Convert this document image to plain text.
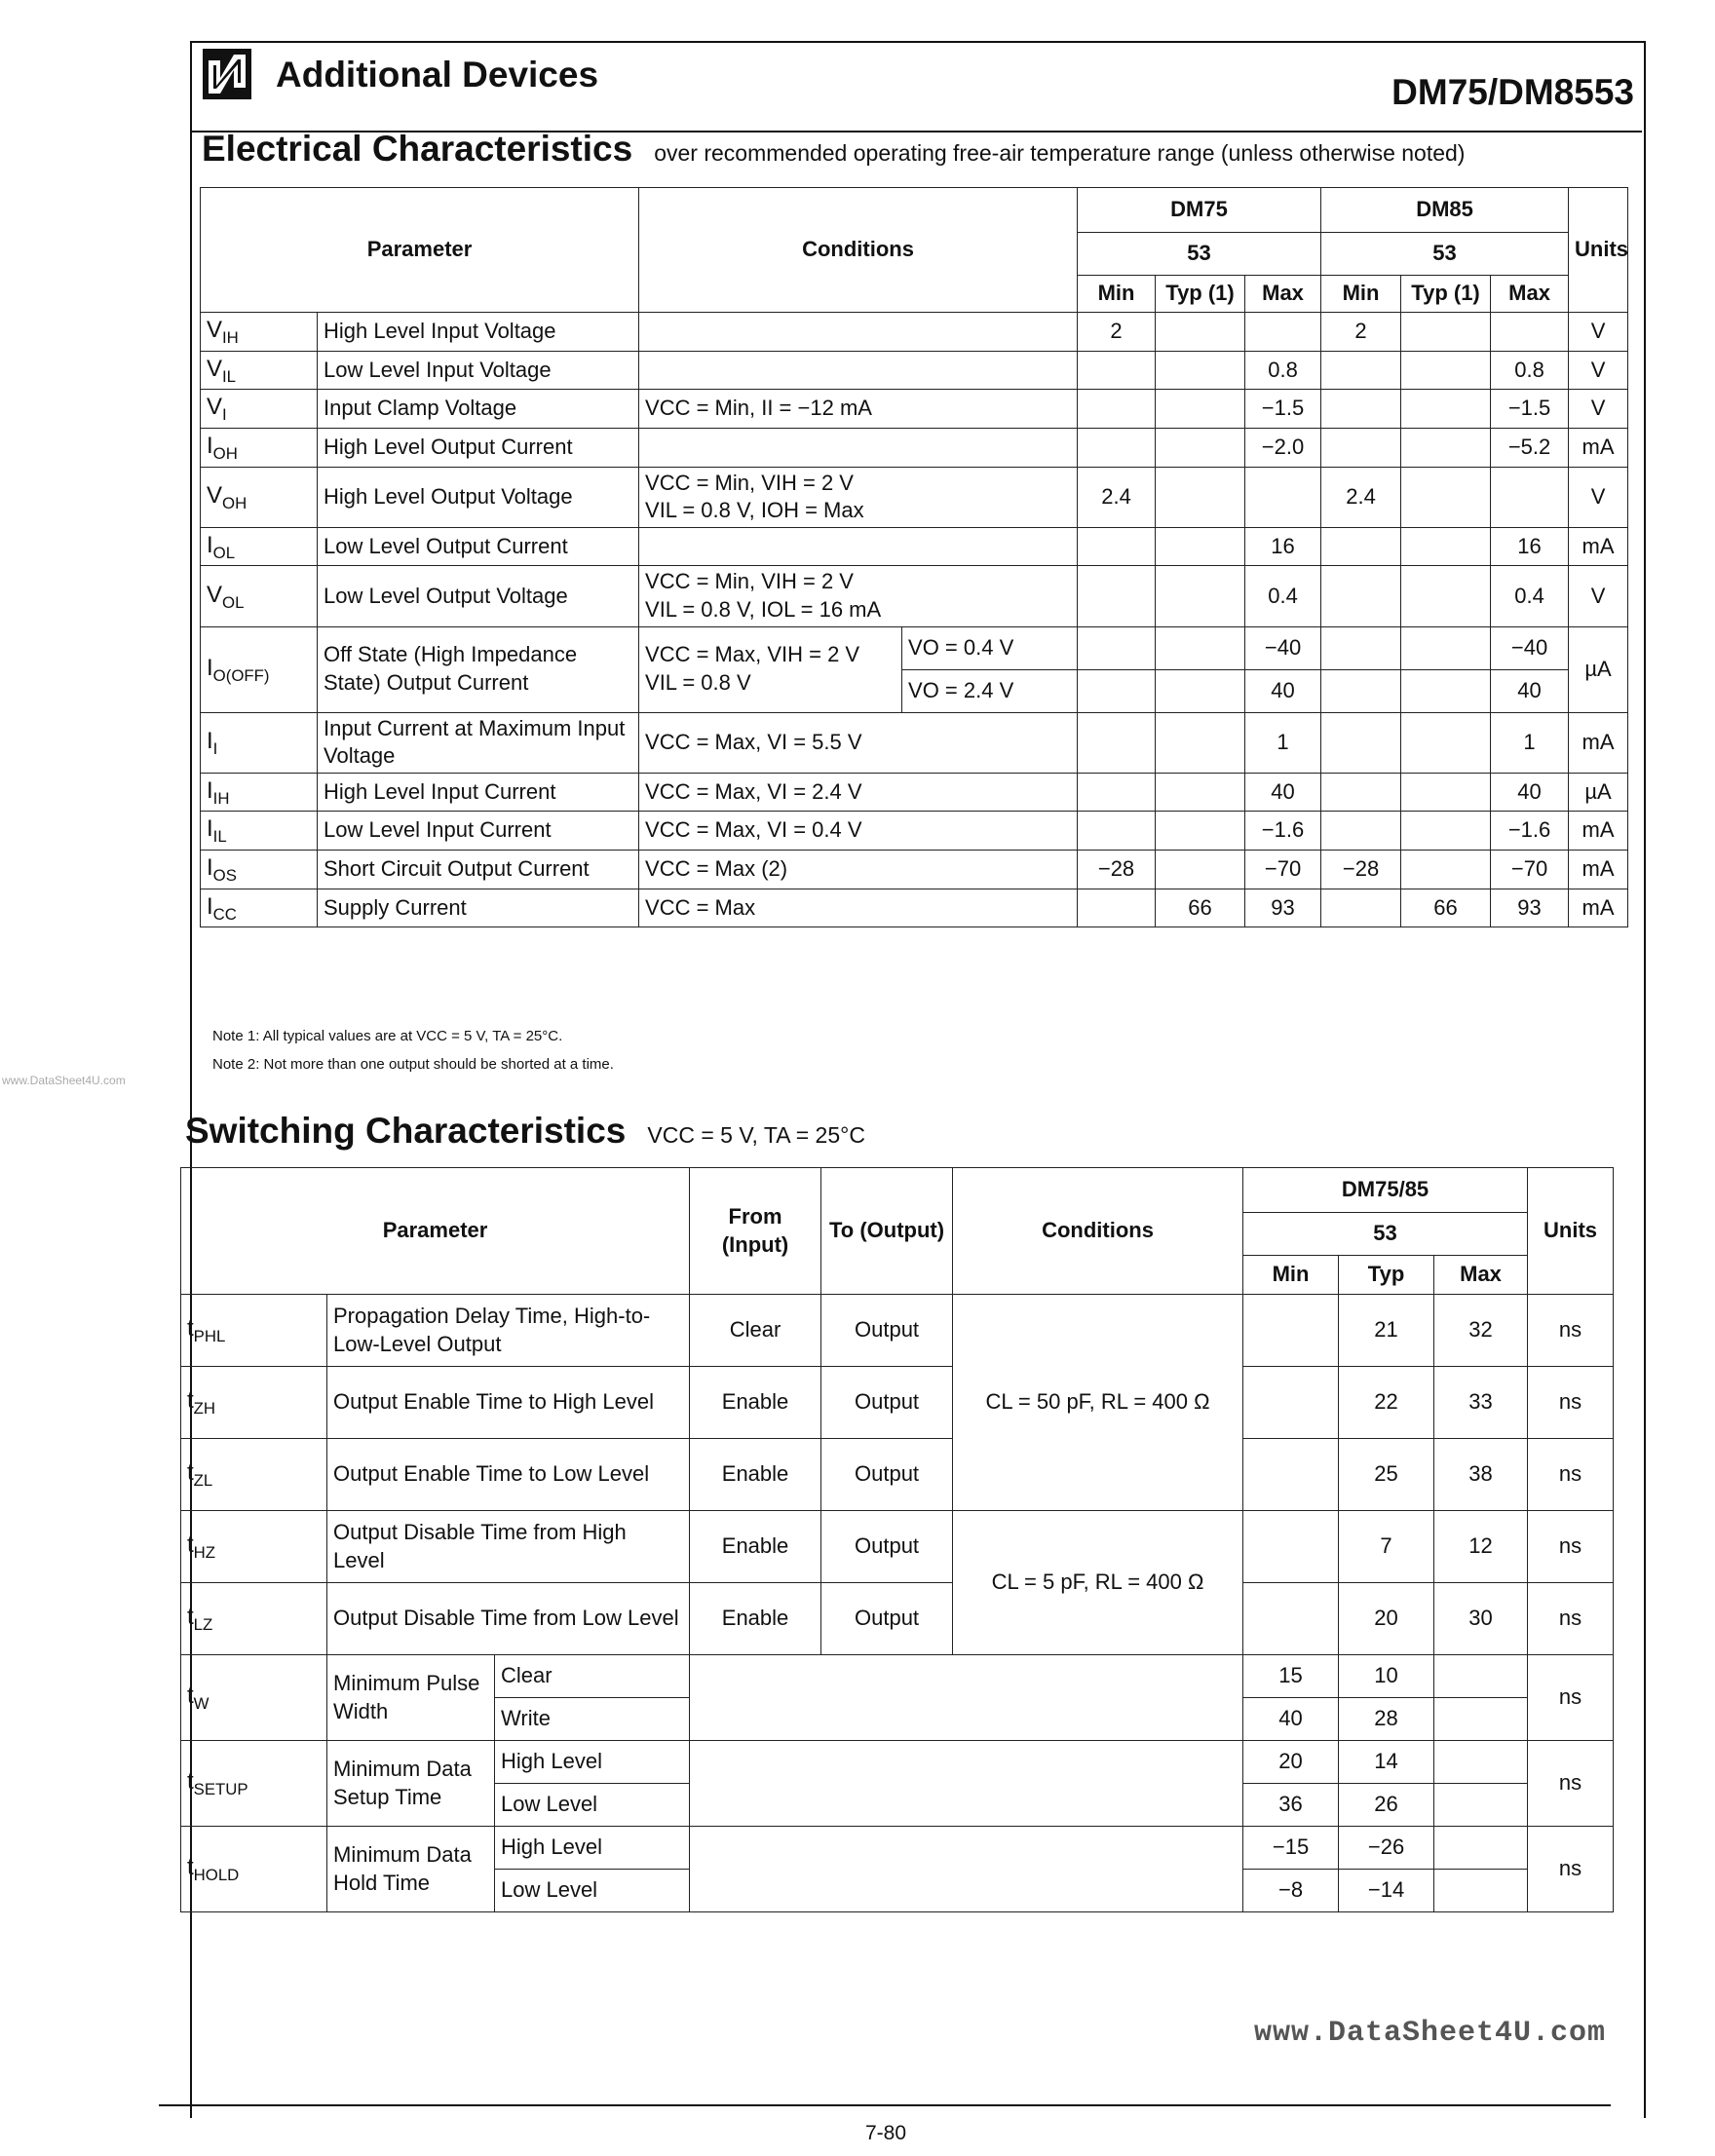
Additional Devices	DM75/DM8553
Electrical Characteristics over recommended operating free-air temperature range (unless otherwise noted)
Parameter		Conditions		DM75			DM85			Units
				53			53			
				Min	Typ (1)	Max	Min	Typ (1)	Max	
$V_{IH}$	High Level Input Voltage			2			2			V
$V_{IL}$	Low Level Input Voltage					0.8			0.8	V
$V_I$	Input Clamp Voltage	VCC = Min, II = −12 mA				−1.5			−1.5	V
$I_{OH}$	High Level Output Current					−2.0			−5.2	mA
$V_{OH}$	High Level Output Voltage	VCC = Min, VIH = 2 V
VIL = 0.8 V, IOH = Max		2.4			2.4			V
$I_{OL}$	Low Level Output Current					16			16	mA
$V_{OL}$	Low Level Output Voltage	VCC = Min, VIH = 2 V
VIL = 0.8 V, IOL = 16 mA				0.4			0.4	V
$I_{O(OFF)}$	Off State (High Impedance State) Output Current	VCC = Max, VIH = 2 V
VIL = 0.8 V	VO = 0.4 V			−40			−40	µA
			VO = 2.4 V			40			40	
$I_I$	Input Current at Maximum Input Voltage	VCC = Max, VI = 5.5 V				1			1	mA
$I_{IH}$	High Level Input Current	VCC = Max, VI = 2.4 V				40			40	µA
$I_{IL}$	Low Level Input Current	VCC = Max, VI = 0.4 V				−1.6			−1.6	mA
$I_{OS}$	Short Circuit Output Current	VCC = Max (2)		−28		−70	−28		−70	mA
$I_{CC}$	Supply Current	VCC = Max			66	93		66	93	mA
Note 1: All typical values are at VCC = 5 V, TA = 25°C.
Note 2: Not more than one output should be shorted at a time.
www.DataSheet4U.com
Switching Characteristics VCC = 5 V, TA = 25°C
Parameter			From (Input)	To (Output)	Conditions	DM75/85			Units
						53			
						Min	Typ	Max	
$t_{PHL}$	Propagation Delay Time, High-to-Low-Level Output		Clear	Output	CL = 50 pF, RL = 400 Ω		21	32	ns
$t_{ZH}$	Output Enable Time to High Level		Enable	Output			22	33	ns
$t_{ZL}$	Output Enable Time to Low Level		Enable	Output			25	38	ns
$t_{HZ}$	Output Disable Time from High Level		Enable	Output	CL = 5 pF, RL = 400 Ω		7	12	ns
$t_{LZ}$	Output Disable Time from Low Level		Enable	Output			20	30	ns
$t_W$	Minimum Pulse Width	Clear				15	10		ns
		Write				40	28		
$t_{SETUP}$	Minimum Data Setup Time	High Level				20	14		ns
		Low Level				36	26		
$t_{HOLD}$	Minimum Data Hold Time	High Level				−15	−26		ns
		Low Level				−8	−14		
www.DataSheet4U.com
7-80
